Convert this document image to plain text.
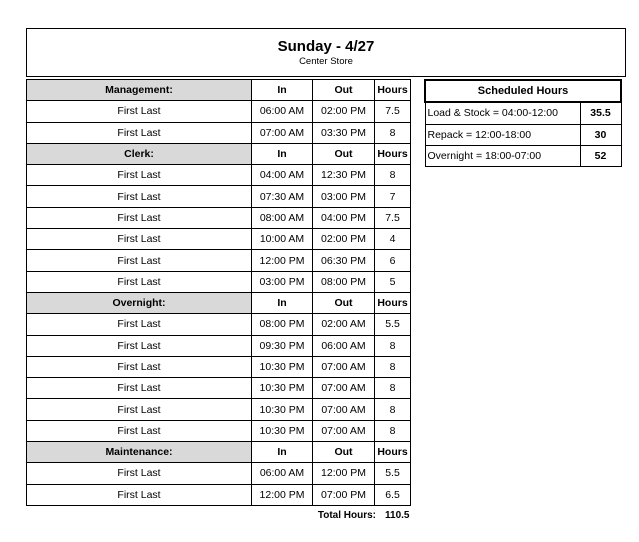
Sunday - 4/27
Center Store
Management:	In	Out	Hours
First Last	06:00 AM	02:00 PM	7.5
First Last	07:00 AM	03:30 PM	8
Clerk:	In	Out	Hours
First Last	04:00 AM	12:30 PM	8
First Last	07:30 AM	03:00 PM	7
First Last	08:00 AM	04:00 PM	7.5
First Last	10:00 AM	02:00 PM	4
First Last	12:00 PM	06:30 PM	6
First Last	03:00 PM	08:00 PM	5
Overnight:	In	Out	Hours
First Last	08:00 PM	02:00 AM	5.5
First Last	09:30 PM	06:00 AM	8
First Last	10:30 PM	07:00 AM	8
First Last	10:30 PM	07:00 AM	8
First Last	10:30 PM	07:00 AM	8
First Last	10:30 PM	07:00 AM	8
Maintenance:	In	Out	Hours
First Last	06:00 AM	12:00 PM	5.5
First Last	12:00 PM	07:00 PM	6.5
Total Hours: 110.5
Scheduled Hours	
Load & Stock = 04:00-12:00	35.5
Repack = 12:00-18:00	30
Overnight = 18:00-07:00	52
